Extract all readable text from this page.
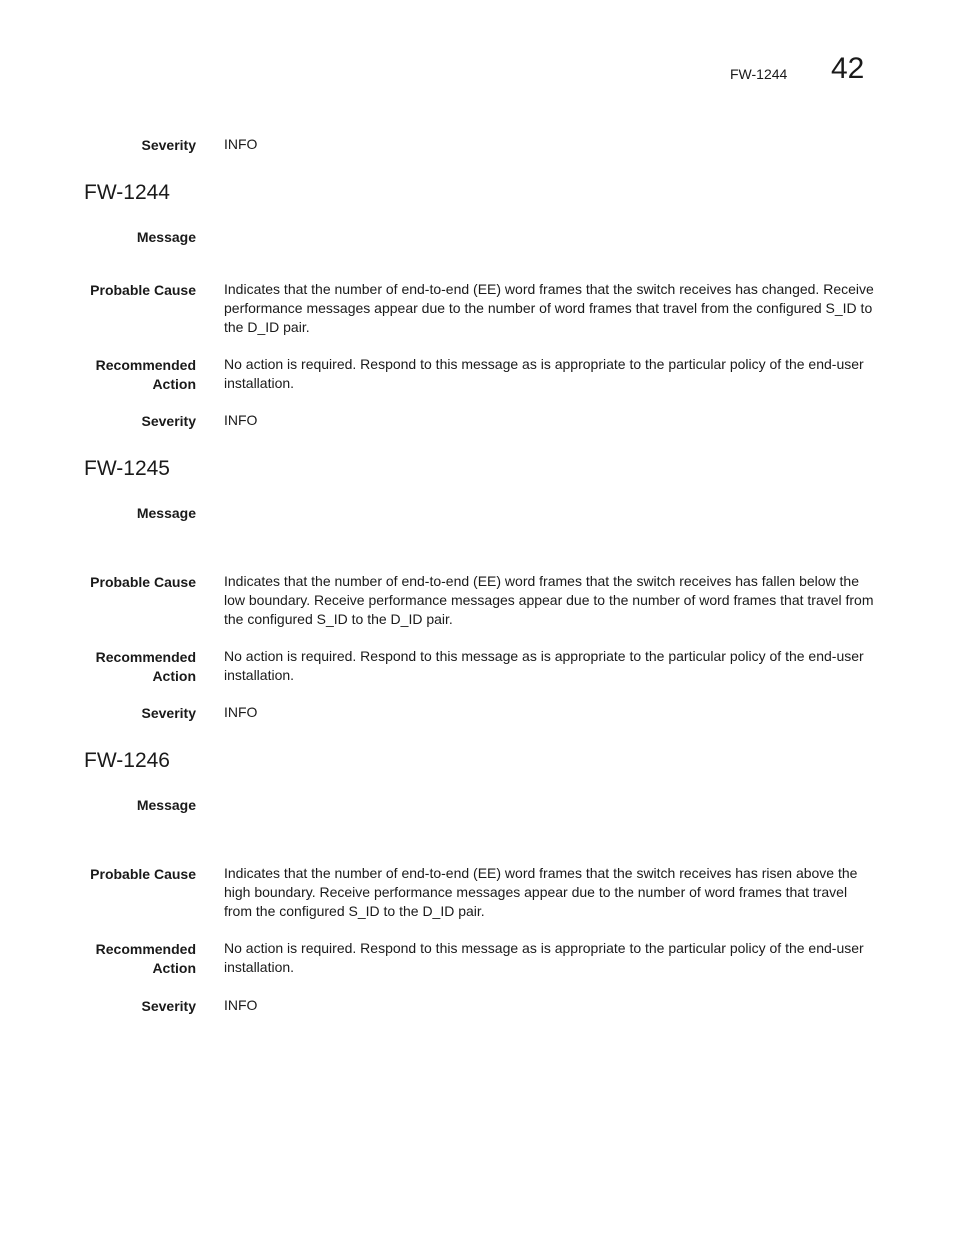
FW-1244 42
Severity INFO
FW-1244
Message
Probable Cause Indicates that the number of end-to-end (EE) word frames that the switch receives has changed. Receive performance messages appear due to the number of word frames that travel from the configured S_ID to the D_ID pair.
Recommended
Action
No action is required. Respond to this message as is appropriate to the particular policy of the end-user installation.
Severity INFO
FW-1245
Message
Probable Cause Indicates that the number of end-to-end (EE) word frames that the switch receives has fallen below the low boundary. Receive performance messages appear due to the number of word frames that travel from the configured S_ID to the D_ID pair.
Recommended
Action
No action is required. Respond to this message as is appropriate to the particular policy of the end-user installation.
Severity INFO
FW-1246
Message
Probable Cause Indicates that the number of end-to-end (EE) word frames that the switch receives has risen above the high boundary. Receive performance messages appear due to the number of word frames that travel from the configured S_ID to the D_ID pair.
Recommended
Action
No action is required. Respond to this message as is appropriate to the particular policy of the end-user installation.
Severity INFO
